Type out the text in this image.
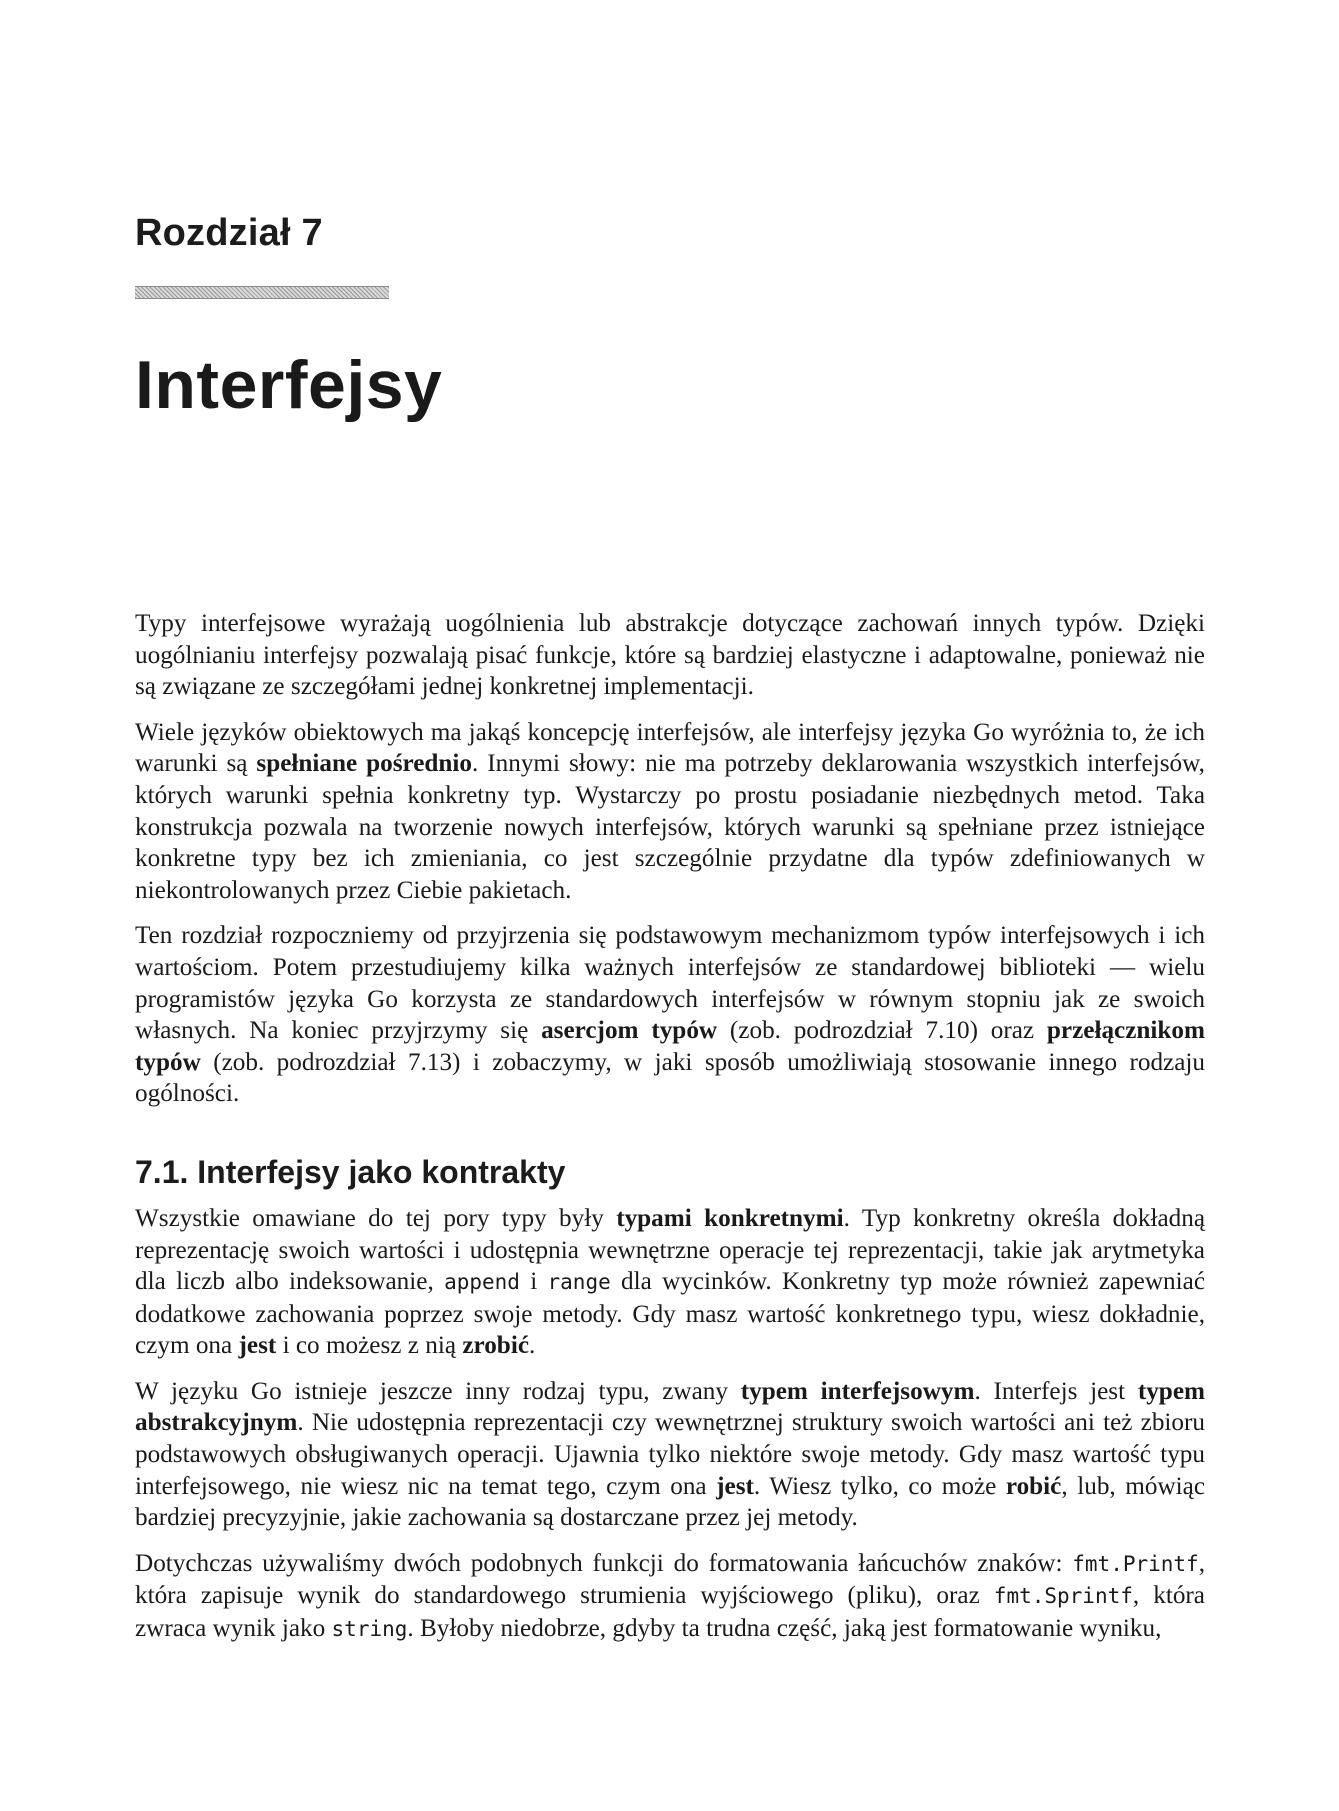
Rozdział 7
Interfejsy

Typy interfejsowe wyrażają uogólnienia lub abstrakcje dotyczące zachowań innych typów. Dzięki uogólnianiu interfejsy pozwalają pisać funkcje, które są bardziej elastyczne i adaptowalne, ponieważ nie są związane ze szczegółami jednej konkretnej implementacji.

Wiele języków obiektowych ma jakąś koncepcję interfejsów, ale interfejsy języka Go wyróżnia to, że ich warunki są spełniane pośrednio. Innymi słowy: nie ma potrzeby deklarowania wszystkich interfejsów, których warunki spełnia konkretny typ. Wystarczy po prostu posiadanie niezbędnych metod. Taka konstrukcja pozwala na tworzenie nowych interfejsów, których warunki są spełniane przez istniejące konkretne typy bez ich zmieniania, co jest szczególnie przydatne dla typów zdefiniowanych w niekontrolowanych przez Ciebie pakietach.

Ten rozdział rozpoczniemy od przyjrzenia się podstawowym mechanizmom typów interfejsowych i ich wartościom. Potem przestudiujemy kilka ważnych interfejsów ze standardowej biblioteki — wielu programistów języka Go korzysta ze standardowych interfejsów w równym stopniu jak ze swoich własnych. Na koniec przyjrzymy się asercjom typów (zob. podrozdział 7.10) oraz przełącznikom typów (zob. podrozdział 7.13) i zobaczymy, w jaki sposób umożliwiają stosowanie innego rodzaju ogólności.

7.1. Interfejsy jako kontrakty

Wszystkie omawiane do tej pory typy były typami konkretnymi. Typ konkretny określa dokładną reprezentację swoich wartości i udostępnia wewnętrzne operacje tej reprezentacji, takie jak arytmetyka dla liczb albo indeksowanie, append i range dla wycinków. Konkretny typ może również zapewniać dodatkowe zachowania poprzez swoje metody. Gdy masz wartość konkretnego typu, wiesz dokładnie, czym ona jest i co możesz z nią zrobić.

W języku Go istnieje jeszcze inny rodzaj typu, zwany typem interfejsowym. Interfejs jest typem abstrakcyjnym. Nie udostępnia reprezentacji czy wewnętrznej struktury swoich wartości ani też zbioru podstawowych obsługiwanych operacji. Ujawnia tylko niektóre swoje metody. Gdy masz wartość typu interfejsowego, nie wiesz nic na temat tego, czym ona jest. Wiesz tylko, co może robić, lub, mówiąc bardziej precyzyjnie, jakie zachowania są dostarczane przez jej metody.

Dotychczas używaliśmy dwóch podobnych funkcji do formatowania łańcuchów znaków: fmt.Printf, która zapisuje wynik do standardowego strumienia wyjściowego (pliku), oraz fmt.Sprintf, która zwraca wynik jako string. Byłoby niedobrze, gdyby ta trudna część, jaką jest formatowanie wyniku,
